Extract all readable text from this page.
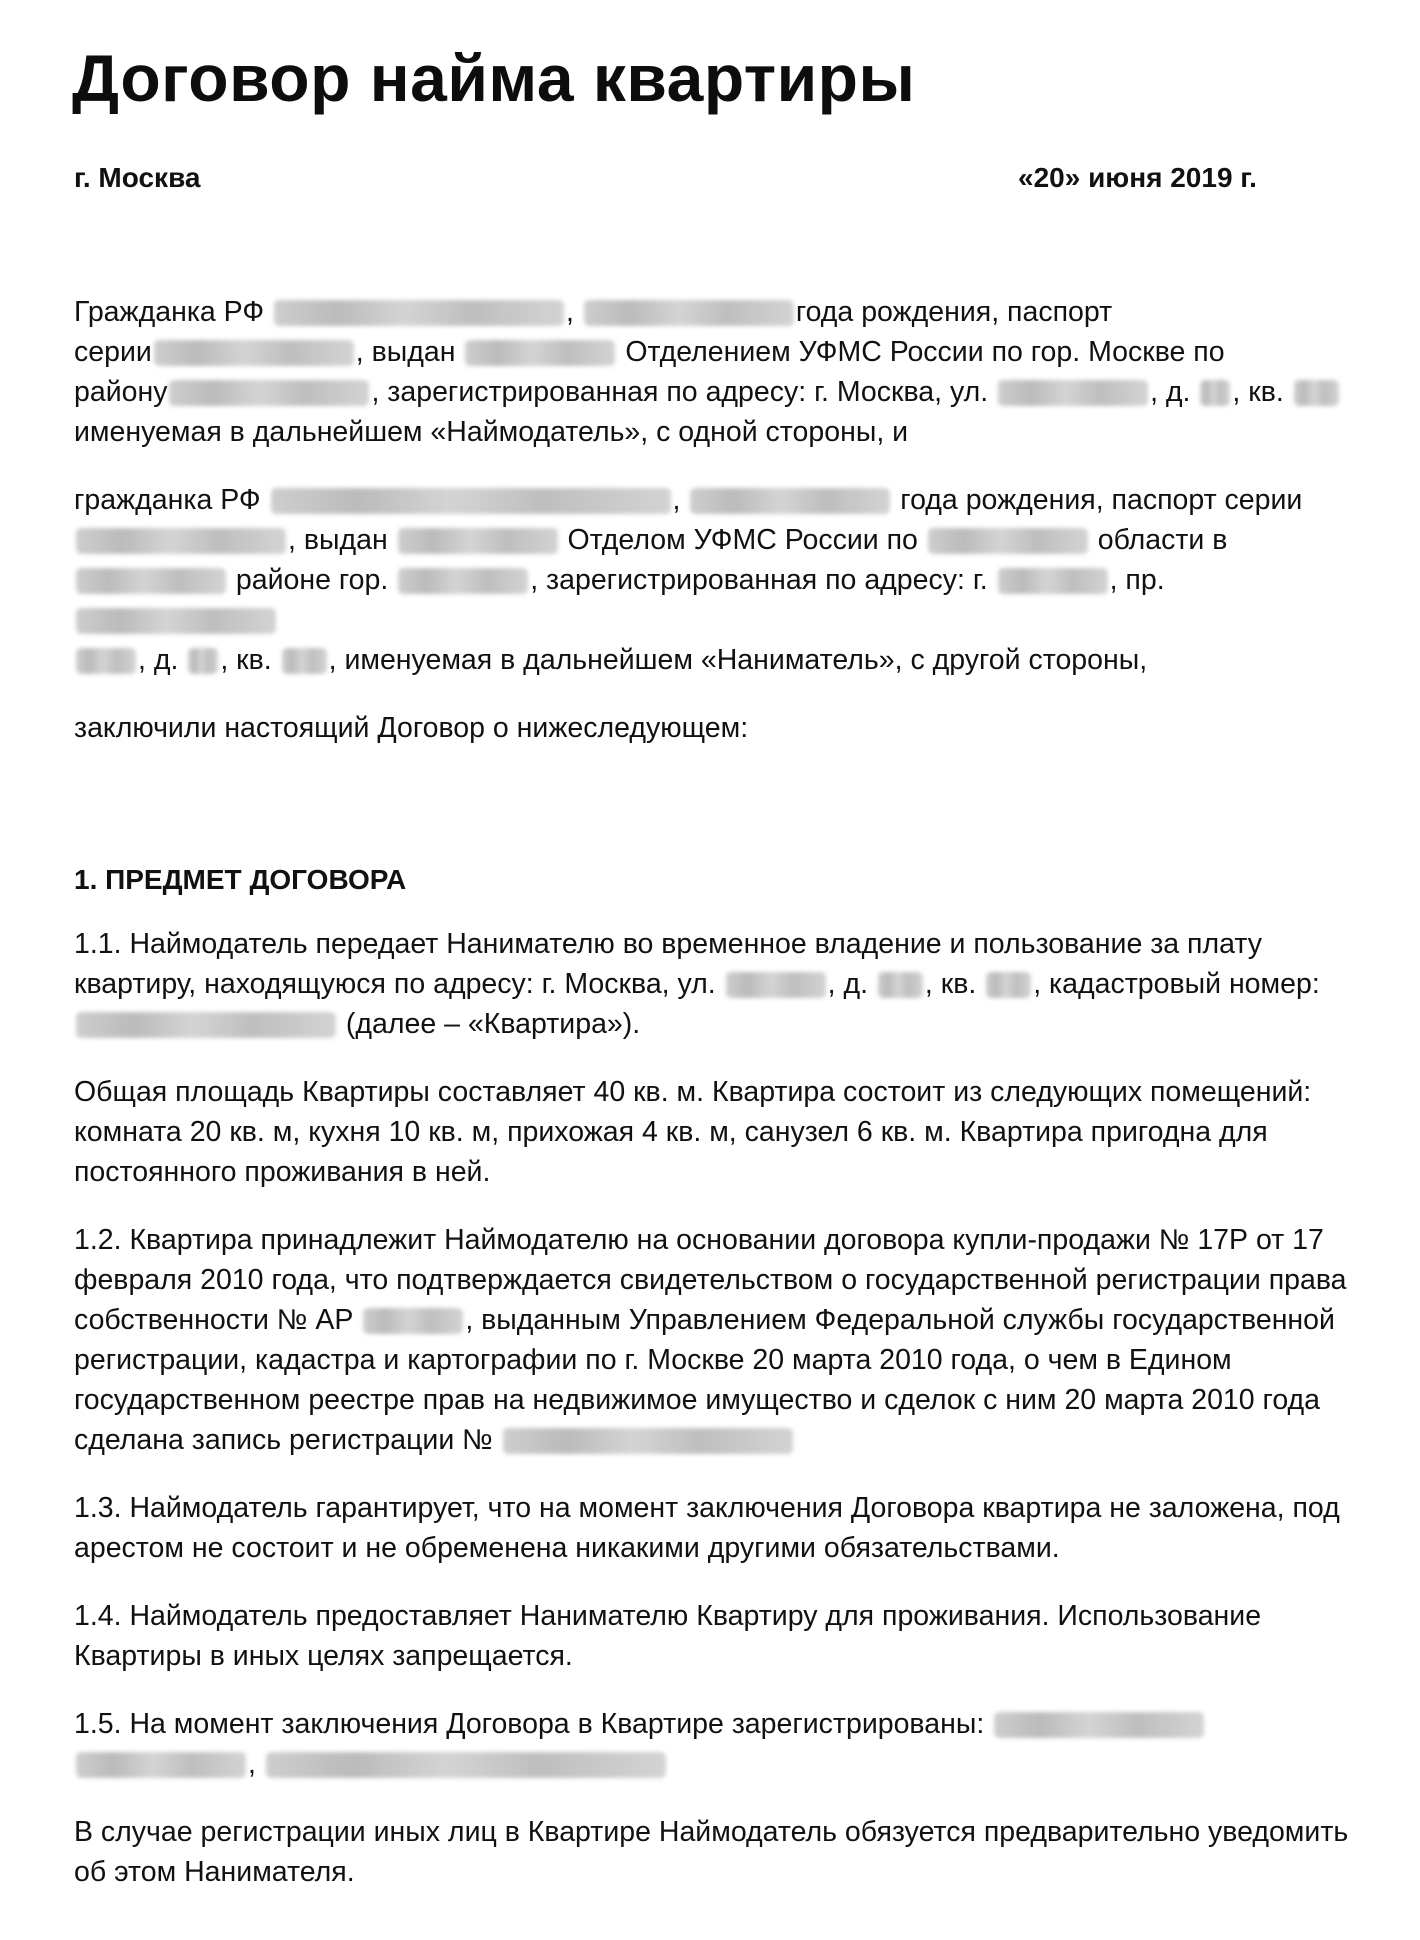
Договор найма квартиры
г. Москва	«20» июня 2019 г.

Гражданка РФ	,	года рождения, паспорт
серии	, выдан	Отделением УФМС России по гор. Москве по
району	, зарегистрированная по адресу: г. Москва, ул.	, д. , кв.
именуемая в дальнейшем «Наймодатель», с одной стороны, и

гражданка РФ	,	года рождения, паспорт серии
, выдан	Отделом УФМС России по	области в
районе гор.	, зарегистрированная по адресу: г.	, пр.
, д. , кв. , именуемая в дальнейшем «Наниматель», с другой стороны,

заключили настоящий Договор о нижеследующем:

1. ПРЕДМЕТ ДОГОВОРА

1.1. Наймодатель передает Нанимателю во временное владение и пользование за плату квартиру, находящуюся по адресу: г. Москва, ул.	, д. , кв. , кадастровый номер:
(далее – «Квартира»).

Общая площадь Квартиры составляет 40 кв. м. Квартира состоит из следующих помещений: комната 20 кв. м, кухня 10 кв. м, прихожая 4 кв. м, санузел 6 кв. м. Квартира пригодна для постоянного проживания в ней.

1.2. Квартира принадлежит Наймодателю на основании договора купли-продажи № 17Р от 17 февраля 2010 года, что подтверждается свидетельством о государственной регистрации права собственности № АР	, выданным Управлением Федеральной службы государственной регистрации, кадастра и картографии по г. Москве 20 марта 2010 года, о чем в Едином государственном реестре прав на недвижимое имущество и сделок с ним 20 марта 2010 года сделана запись регистрации №

1.3. Наймодатель гарантирует, что на момент заключения Договора квартира не заложена, под арестом не состоит и не обременена никакими другими обязательствами.

1.4. Наймодатель предоставляет Нанимателю Квартиру для проживания. Использование Квартиры в иных целях запрещается.

1.5. На момент заключения Договора в Квартире зарегистрированы:
,

В случае регистрации иных лиц в Квартире Наймодатель обязуется предварительно уведомить об этом Нанимателя.
